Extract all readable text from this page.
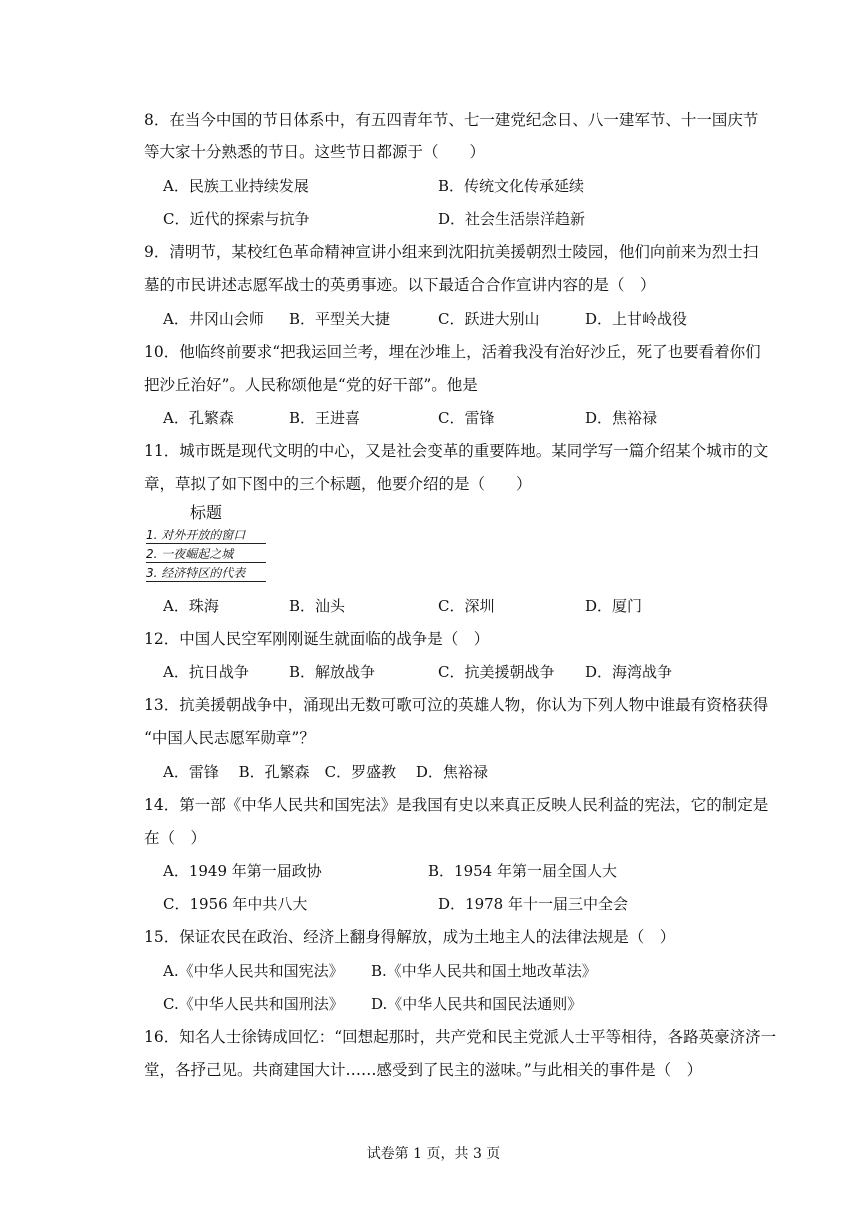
8．在当今中国的节日体系中，有五四青年节、七一建党纪念日、八一建军节、十一国庆节
等大家十分熟悉的节日。这些节日都源于（　　）
A．民族工业持续发展	B．传统文化传承延续
C．近代的探索与抗争	D．社会生活崇洋趋新
9．清明节，某校红色革命精神宣讲小组来到沈阳抗美援朝烈士陵园，他们向前来为烈士扫
墓的市民讲述志愿军战士的英勇事迹。以下最适合合作宣讲内容的是（　）
A．井冈山会师 B．平型关大捷	C．跃进大别山	D．上甘岭战役
10．他临终前要求“把我运回兰考，埋在沙堆上，活着我没有治好沙丘，死了也要看着你们
把沙丘治好”。人民称颂他是“党的好干部”。他是
A．孔繁森	B．王进喜	C．雷锋	D．焦裕禄
11．城市既是现代文明的中心，又是社会变革的重要阵地。某同学写一篇介绍某个城市的文
章，草拟了如下图中的三个标题，他要介绍的是（　　）
标题
1. 对外开放的窗口
2. 一夜崛起之城
3. 经济特区的代表
A．珠海	B．汕头	C．深圳	D．厦门
12．中国人民空军刚刚诞生就面临的战争是（　）
A．抗日战争	B．解放战争	C．抗美援朝战争 D．海湾战争
13．抗美援朝战争中，涌现出无数可歌可泣的英雄人物，你认为下列人物中谁最有资格获得
“中国人民志愿军勋章”？
A．雷锋　 B．孔繁森　C．罗盛教　 D．焦裕禄
14．第一部《中华人民共和国宪法》是我国有史以来真正反映人民利益的宪法，它的制定是
在（　）
A．1949 年第一届政协	B．1954 年第一届全国人大
C．1956 年中共八大	D．1978 年十一届三中全会
15．保证农民在政治、经济上翻身得解放，成为土地主人的法律法规是（　）
A.《中华人民共和国宪法》 B.《中华人民共和国土地改革法》
C.《中华人民共和国刑法》 D.《中华人民共和国民法通则》
16．知名人士徐铸成回忆：“回想起那时，共产党和民主党派人士平等相待，各路英豪济济一
堂，各抒己见。共商建国大计……感受到了民主的滋味。”与此相关的事件是（　）
试卷第 1 页，共 3 页
